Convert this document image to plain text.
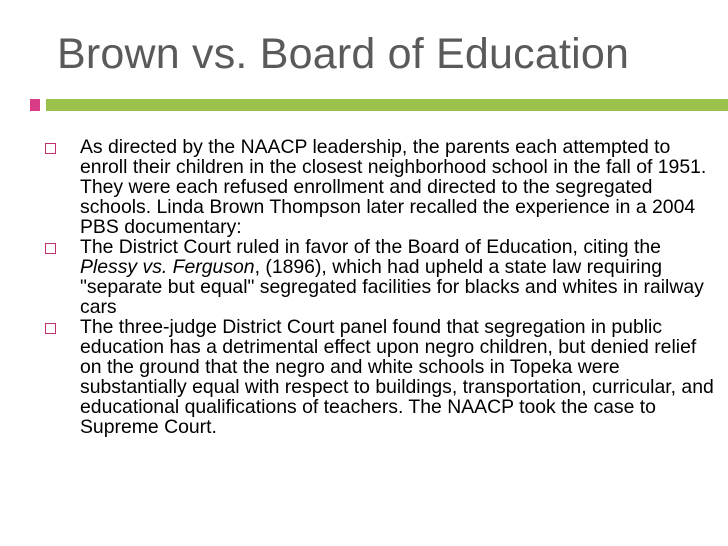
Brown vs. Board of Education
As directed by the NAACP leadership, the parents each attempted to enroll their children in the closest neighborhood school in the fall of 1951. They were each refused enrollment and directed to the segregated schools. Linda Brown Thompson later recalled the experience in a 2004 PBS documentary:
The District Court ruled in favor of the Board of Education, citing the Plessy vs. Ferguson, (1896), which had upheld a state law requiring "separate but equal" segregated facilities for blacks and whites in railway cars
The three-judge District Court panel found that segregation in public education has a detrimental effect upon negro children, but denied relief on the ground that the negro and white schools in Topeka were substantially equal with respect to buildings, transportation, curricular, and educational qualifications of teachers. The NAACP took the case to Supreme Court.
